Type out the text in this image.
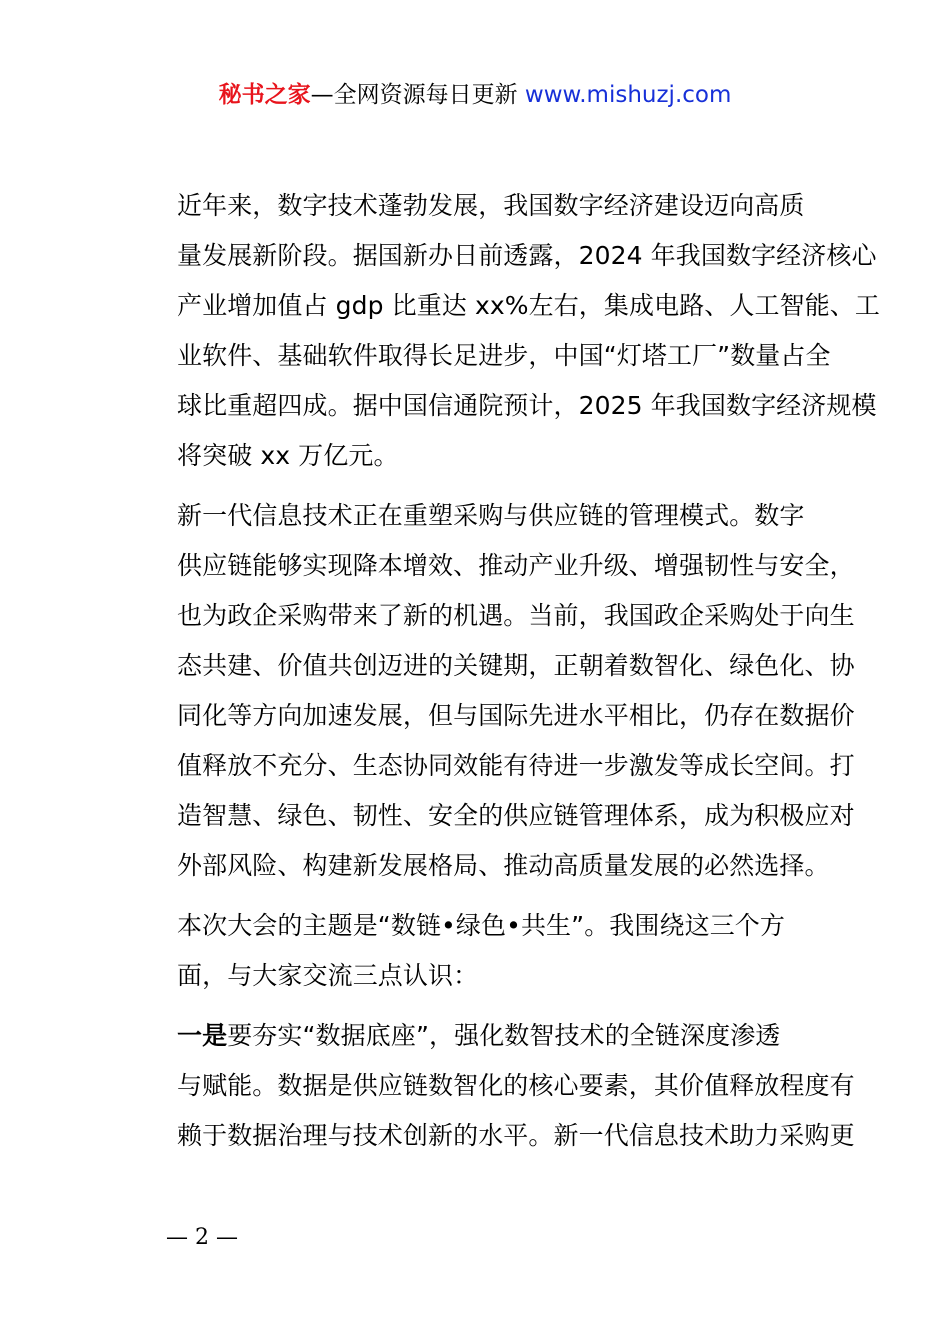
秘书之家—全网资源每日更新 www.mishuzj.com

近年来，数字技术蓬勃发展，我国数字经济建设迈向高质
量发展新阶段。据国新办日前透露，2024 年我国数字经济核心
产业增加值占 gdp 比重达 xx%左右，集成电路、人工智能、工
业软件、基础软件取得长足进步，中国“灯塔工厂”数量占全
球比重超四成。据中国信通院预计，2025 年我国数字经济规模
将突破 xx 万亿元。

新一代信息技术正在重塑采购与供应链的管理模式。数字
供应链能够实现降本增效、推动产业升级、增强韧性与安全，
也为政企采购带来了新的机遇。当前，我国政企采购处于向生
态共建、价值共创迈进的关键期，正朝着数智化、绿色化、协
同化等方向加速发展，但与国际先进水平相比，仍存在数据价
值释放不充分、生态协同效能有待进一步激发等成长空间。打
造智慧、绿色、韧性、安全的供应链管理体系，成为积极应对
外部风险、构建新发展格局、推动高质量发展的必然选择。

本次大会的主题是“数链•绿色•共生”。我围绕这三个方
面，与大家交流三点认识：

一是要夯实“数据底座”，强化数智技术的全链深度渗透
与赋能。数据是供应链数智化的核心要素，其价值释放程度有
赖于数据治理与技术创新的水平。新一代信息技术助力采购更

— 2 —
